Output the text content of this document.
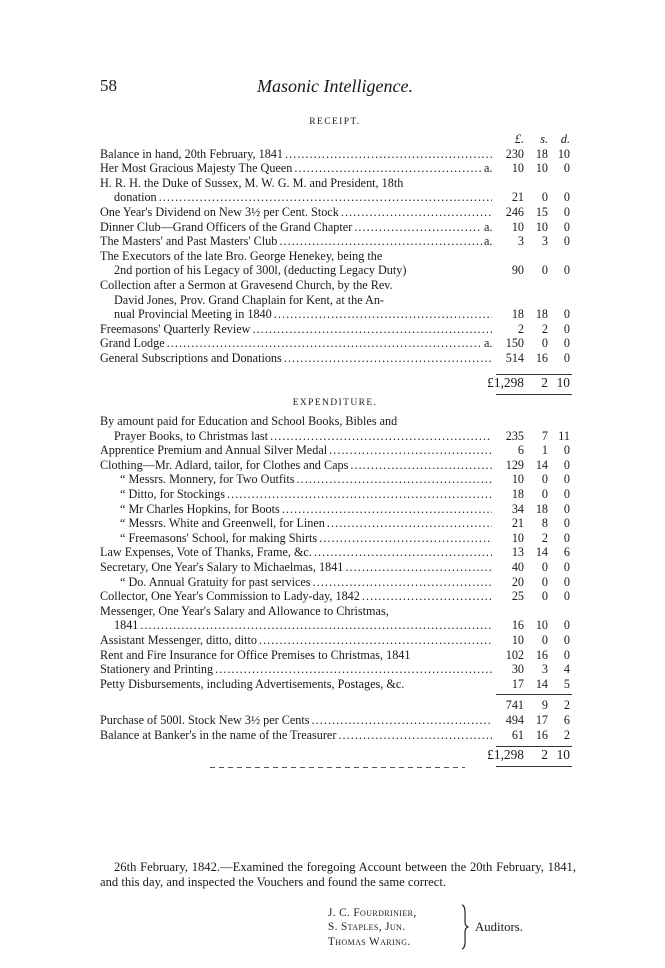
58	Masonic Intelligence.
RECEIPT.
£.	s.	d.
Balance in hand, 20th February, 1841 . . .	230 18 10
Her Most Gracious Majesty The Queen . . .	a.	10 10	0
H. R. H. the Duke of Sussex, M. W. G. M. and President, 18th
donation . . .	21	0	0
One Year's Dividend on New 3½ per Cent. Stock . . .	246 15	0
Dinner Club—Grand Officers of the Grand Chapter . . .	a.	10 10	0
The Masters' and Past Masters' Club . . .	a.	3	3	0
The Executors of the late Bro. George Henekey, being the
2nd portion of his Legacy of 300l, (deducting Legacy Duty)	90	0	0
Collection after a Sermon at Gravesend Church, by the Rev.
David Jones, Prov. Grand Chaplain for Kent, at the An-
nual Provincial Meeting in 1840 . . .	18 18	0
Freemasons' Quarterly Review . . .	2	2	0
Grand Lodge . . .	a.	150	0	0
General Subscriptions and Donations . . .	514 16	0
£1,298	2 10
EXPENDITURE.
By amount paid for Education and School Books, Bibles and
Prayer Books, to Christmas last . . .	235	7 11
Apprentice Premium and Annual Silver Medal . . .	6	1	0
Clothing—Mr. Adlard, tailor, for Clothes and Caps . . .	129 14	0
“ Messrs. Monnery, for Two Outfits . . .	10	0	0
“ Ditto, for Stockings . . .	18	0	0
“ Mr Charles Hopkins, for Boots . . .	34 18	0
“ Messrs. White and Greenwell, for Linen . . .	21	8	0
“ Freemasons' School, for making Shirts . . .	10	2	0
Law Expenses, Vote of Thanks, Frame, &c. . . .	13 14	6
Secretary, One Year's Salary to Michaelmas, 1841 . . .	40	0	0
“ Do. Annual Gratuity for past services . . .	20	0	0
Collector, One Year's Commission to Lady-day, 1842 . . .	25	0	0
Messenger, One Year's Salary and Allowance to Christmas,
1841 . . .	16 10	0
Assistant Messenger, ditto, ditto . . .	10	0	0
Rent and Fire Insurance for Office Premises to Christmas, 1841	102 16	0
Stationery and Printing . . .	30	3	4
Petty Disbursements, including Advertisements, Postages, &c.	17 14	5
741	9	2
Purchase of 500l. Stock New 3½ per Cents . . .	494 17	6
Balance at Banker's in the name of the Treasurer . . .	61 16	2
£1,298	2 10

26th February, 1842.—Examined the foregoing Account between the 20th February, 1841, and this day, and inspected the Vouchers and found the same correct.

J. C. Fourdrinier,
S. Staples, Jun.
Thomas Waring.
Auditors.
